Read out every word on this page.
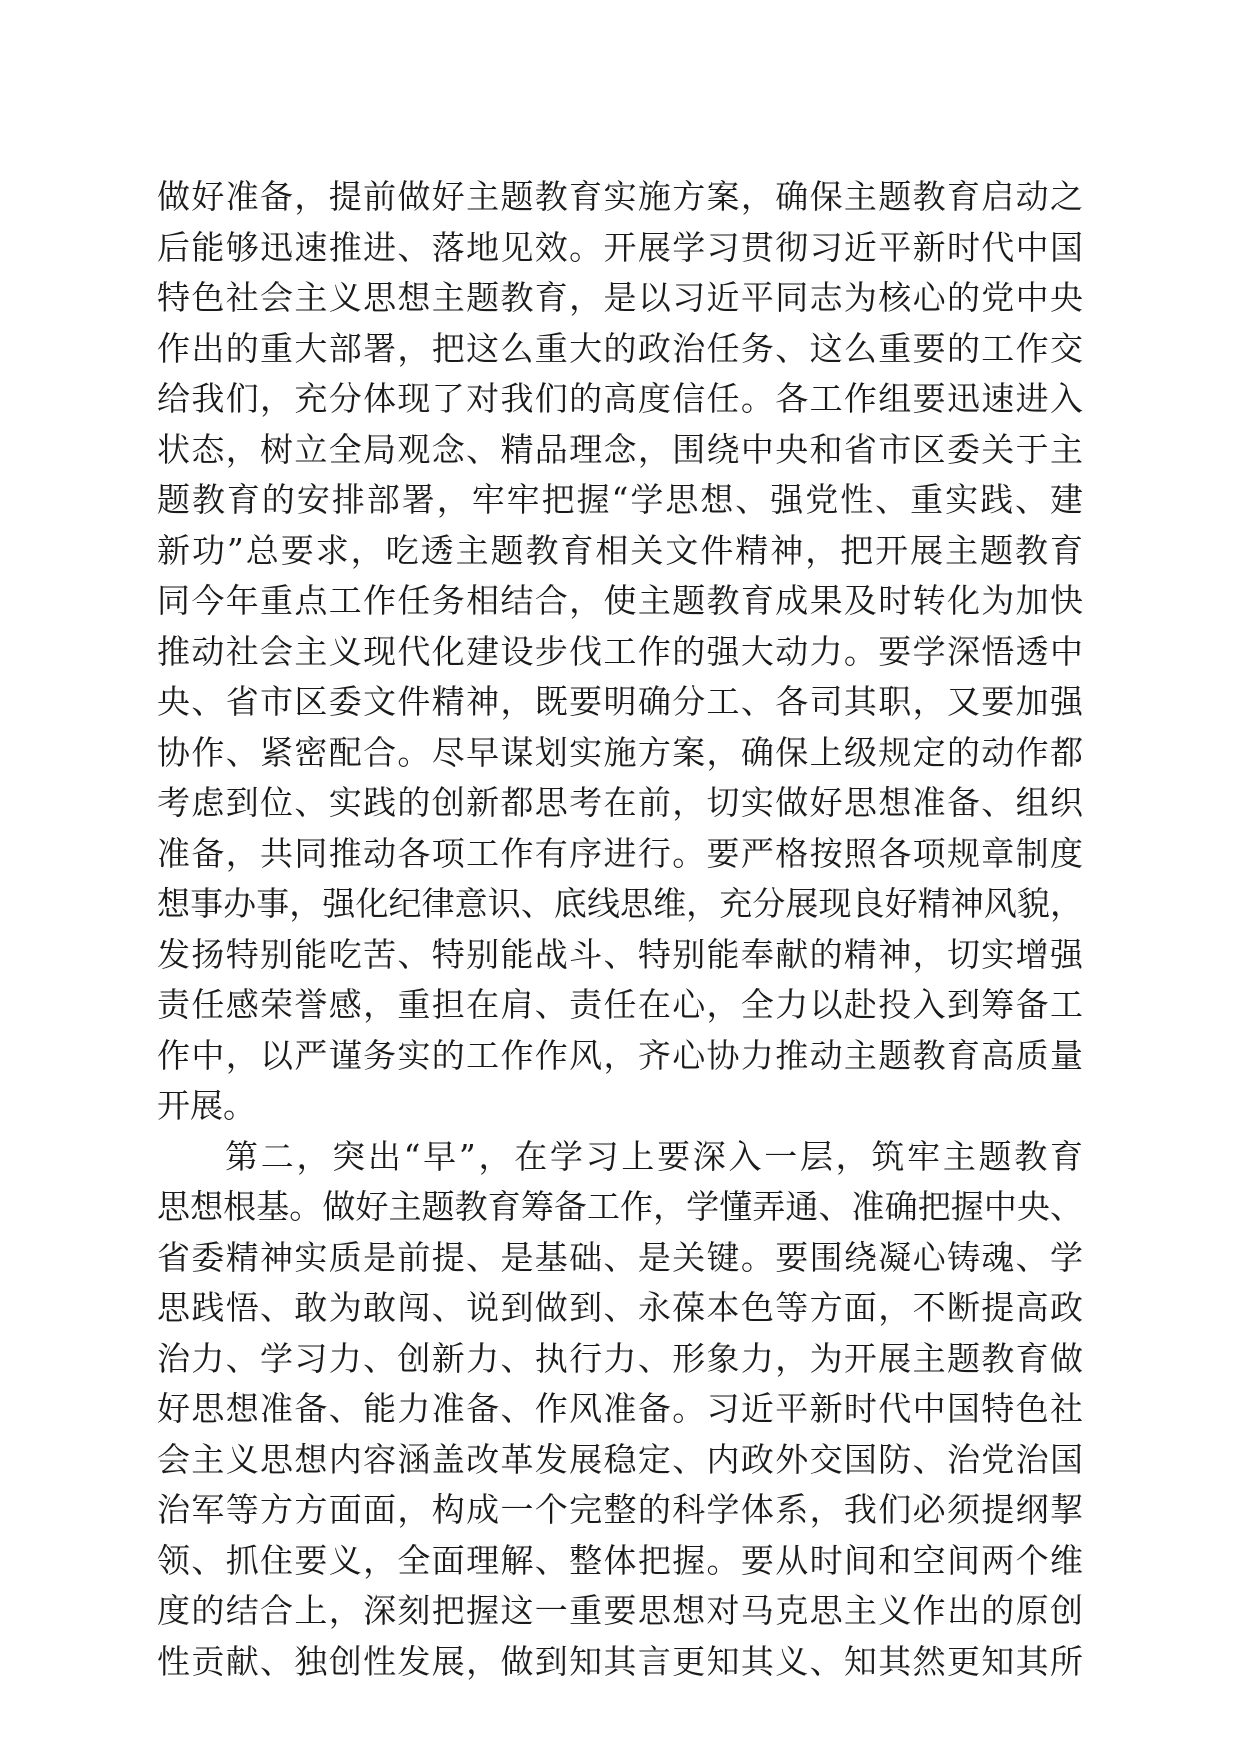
做好准备，提前做好主题教育实施方案，确保主题教育启动之
后能够迅速推进、落地见效。开展学习贯彻习近平新时代中国
特色社会主义思想主题教育，是以习近平同志为核心的党中央
作出的重大部署，把这么重大的政治任务、这么重要的工作交
给我们，充分体现了对我们的高度信任。各工作组要迅速进入
状态，树立全局观念、精品理念，围绕中央和省市区委关于主
题教育的安排部署，牢牢把握“学思想、强党性、重实践、建
新功”总要求，吃透主题教育相关文件精神，把开展主题教育
同今年重点工作任务相结合，使主题教育成果及时转化为加快
推动社会主义现代化建设步伐工作的强大动力。要学深悟透中
央、省市区委文件精神，既要明确分工、各司其职，又要加强
协作、紧密配合。尽早谋划实施方案，确保上级规定的动作都
考虑到位、实践的创新都思考在前，切实做好思想准备、组织
准备，共同推动各项工作有序进行。要严格按照各项规章制度
想事办事，强化纪律意识、底线思维，充分展现良好精神风貌，
发扬特别能吃苦、特别能战斗、特别能奉献的精神，切实增强
责任感荣誉感，重担在肩、责任在心，全力以赴投入到筹备工
作中，以严谨务实的工作作风，齐心协力推动主题教育高质量
开展。
第二，突出“早”，在学习上要深入一层，筑牢主题教育
思想根基。做好主题教育筹备工作，学懂弄通、准确把握中央、
省委精神实质是前提、是基础、是关键。要围绕凝心铸魂、学
思践悟、敢为敢闯、说到做到、永葆本色等方面，不断提高政
治力、学习力、创新力、执行力、形象力，为开展主题教育做
好思想准备、能力准备、作风准备。习近平新时代中国特色社
会主义思想内容涵盖改革发展稳定、内政外交国防、治党治国
治军等方方面面，构成一个完整的科学体系，我们必须提纲挈
领、抓住要义，全面理解、整体把握。要从时间和空间两个维
度的结合上，深刻把握这一重要思想对马克思主义作出的原创
性贡献、独创性发展，做到知其言更知其义、知其然更知其所
